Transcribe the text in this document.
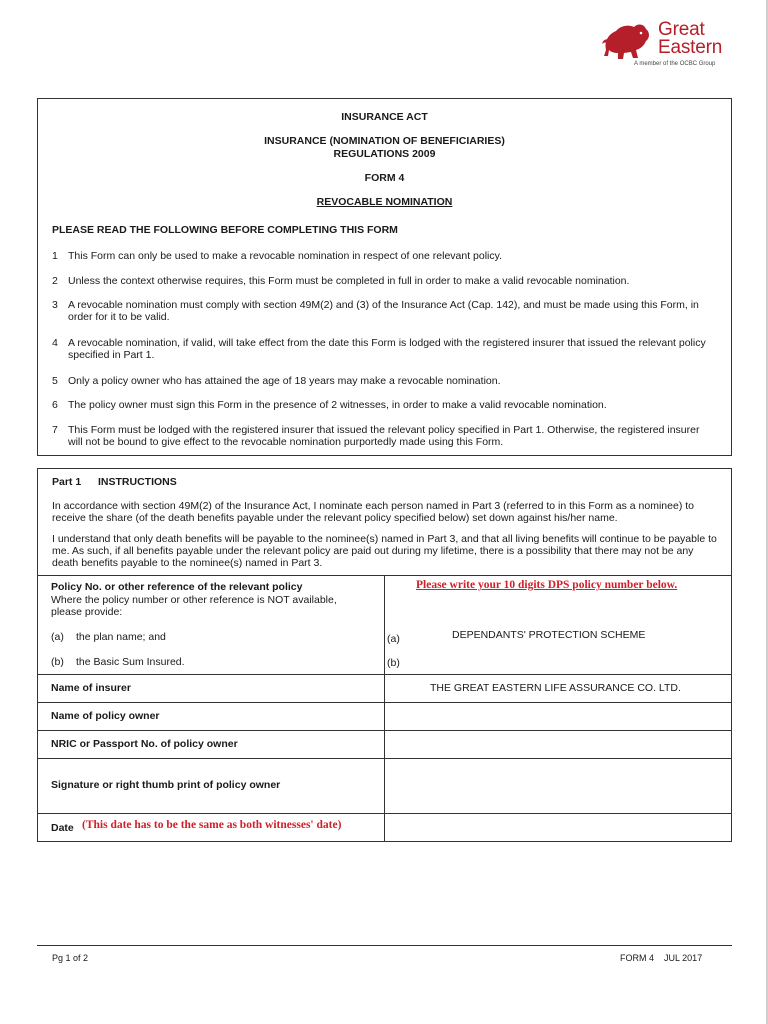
Great
Eastern
A member of the OCBC Group
INSURANCE ACT
INSURANCE (NOMINATION OF BENEFICIARIES)
REGULATIONS 2009
FORM 4
REVOCABLE NOMINATION
PLEASE READ THE FOLLOWING BEFORE COMPLETING THIS FORM
1 This Form can only be used to make a revocable nomination in respect of one relevant policy.
2 Unless the context otherwise requires, this Form must be completed in full in order to make a valid revocable nomination.
3 A revocable nomination must comply with section 49M(2) and (3) of the Insurance Act (Cap. 142), and must be made using this Form, in order for it to be valid.
4 A revocable nomination, if valid, will take effect from the date this Form is lodged with the registered insurer that issued the relevant policy specified in Part 1.
5 Only a policy owner who has attained the age of 18 years may make a revocable nomination.
6 The policy owner must sign this Form in the presence of 2 witnesses, in order to make a valid revocable nomination.
7 This Form must be lodged with the registered insurer that issued the relevant policy specified in Part 1. Otherwise, the registered insurer will not be bound to give effect to the revocable nomination purportedly made using this Form.
Part 1 INSTRUCTIONS
In accordance with section 49M(2) of the Insurance Act, I nominate each person named in Part 3 (referred to in this Form as a nominee) to receive the share (of the death benefits payable under the relevant policy specified below) set down against his/her name.
I understand that only death benefits will be payable to the nominee(s) named in Part 3, and that all living benefits will continue to be payable to me. As such, if all benefits payable under the relevant policy are paid out during my lifetime, there is a possibility that there may not be any death benefits payable to the nominee(s) named in Part 3.
Policy No. or other reference of the relevant policy
Where the policy number or other reference is NOT available, please provide:
(a) the plan name; and
(b) the Basic Sum Insured.
Please write your 10 digits DPS policy number below.
(a)	DEPENDANTS' PROTECTION SCHEME
(b)
Name of insurer	THE GREAT EASTERN LIFE ASSURANCE CO. LTD.
Name of policy owner
NRIC or Passport No. of policy owner
Signature or right thumb print of policy owner
Date (This date has to be the same as both witnesses' date)
Pg 1 of 2	FORM 4    JUL 2017
